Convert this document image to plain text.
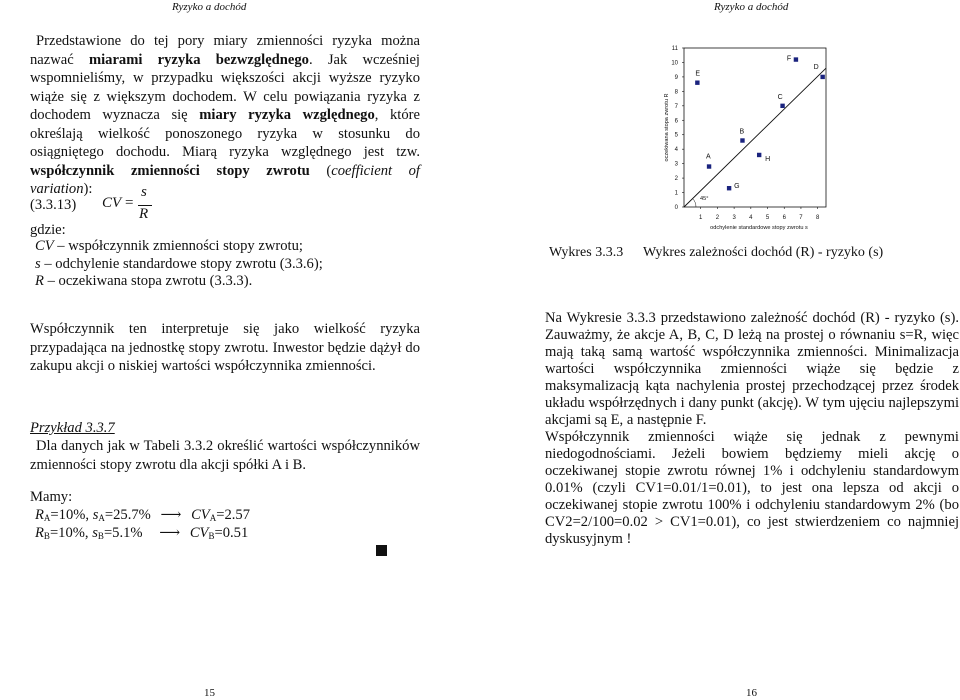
Ryzyko a dochód	Ryzyko a dochód
Przedstawione do tej pory miary zmienności ryzyka można nazwać miarami ryzyka bezwzględnego. Jak wcześniej wspomnieliśmy, w przypadku większości akcji wyższe ryzyko wiąże się z większym dochodem. W celu powiązania ryzyka z dochodem wyznacza się miary ryzyka względnego, które określają wielkość ponoszonego ryzyka w stosunku do osiągniętego dochodu. Miarą ryzyka względnego jest tzw. współczynnik zmienności stopy zwrotu (coefficient of variation):
(3.3.13) CV =
s
R
gdzie:
CV – współczynnik zmienności stopy zwrotu;
s – odchylenie standardowe stopy zwrotu (3.3.6);
R – oczekiwana stopa zwrotu (3.3.3).
Współczynnik ten interpretuje się jako wielkość ryzyka przypadająca na jednostkę stopy zwrotu. Inwestor będzie dążył do zakupu akcji o niskiej wartości współczynnika zmienności.
Przykład 3.3.7
Dla danych jak w Tabeli 3.3.2 określić wartości współczynników zmienności stopy zwrotu dla akcji spółki A i B.
Mamy:
$R_A=10\%$, $s_A=25.7\%$ ⟶ $CV_A=2.57$
$R_B=10\%$, $s_B=5.1\%$ ⟶ $CV_B=0.51$
0
1
2
3
4
5
6
7
8
9
10
11
1 2 3 4 5 6 7 8
odchylenie standardowe stopy zwrotu s
oczekiwana stopa zwrotu R
45°
A
B
C
D
E
F
G
H
Wykres 3.3.3 Wykres zależności dochód (R) - ryzyko (s)

Na Wykresie 3.3.3 przedstawiono zależność dochód (R) - ryzyko (s). Zauważmy, że akcje A, B, C, D leżą na prostej o równaniu s=R, więc mają taką samą wartość współczynnika zmienności. Minimalizacja wartości współczynnika zmienności wiąże się będzie z maksymalizacją kąta nachylenia prostej przechodzącej przez środek układu współrzędnych i dany punkt (akcję). W tym ujęciu najlepszymi akcjami są E, a następnie F.

Współczynnik zmienności wiąże się jednak z pewnymi niedogodnościami. Jeżeli bowiem będziemy mieli akcję o oczekiwanej stopie zwrotu równej 1% i odchyleniu standardowym 0.01% (czyli CV1=0.01/1=0.01), to jest ona lepsza od akcji o oczekiwanej stopie zwrotu 100% i odchyleniu standardowym 2% (bo CV2=2/100=0.02 > CV1=0.01), co jest stwierdzeniem co najmniej dyskusyjnym !

15	16
